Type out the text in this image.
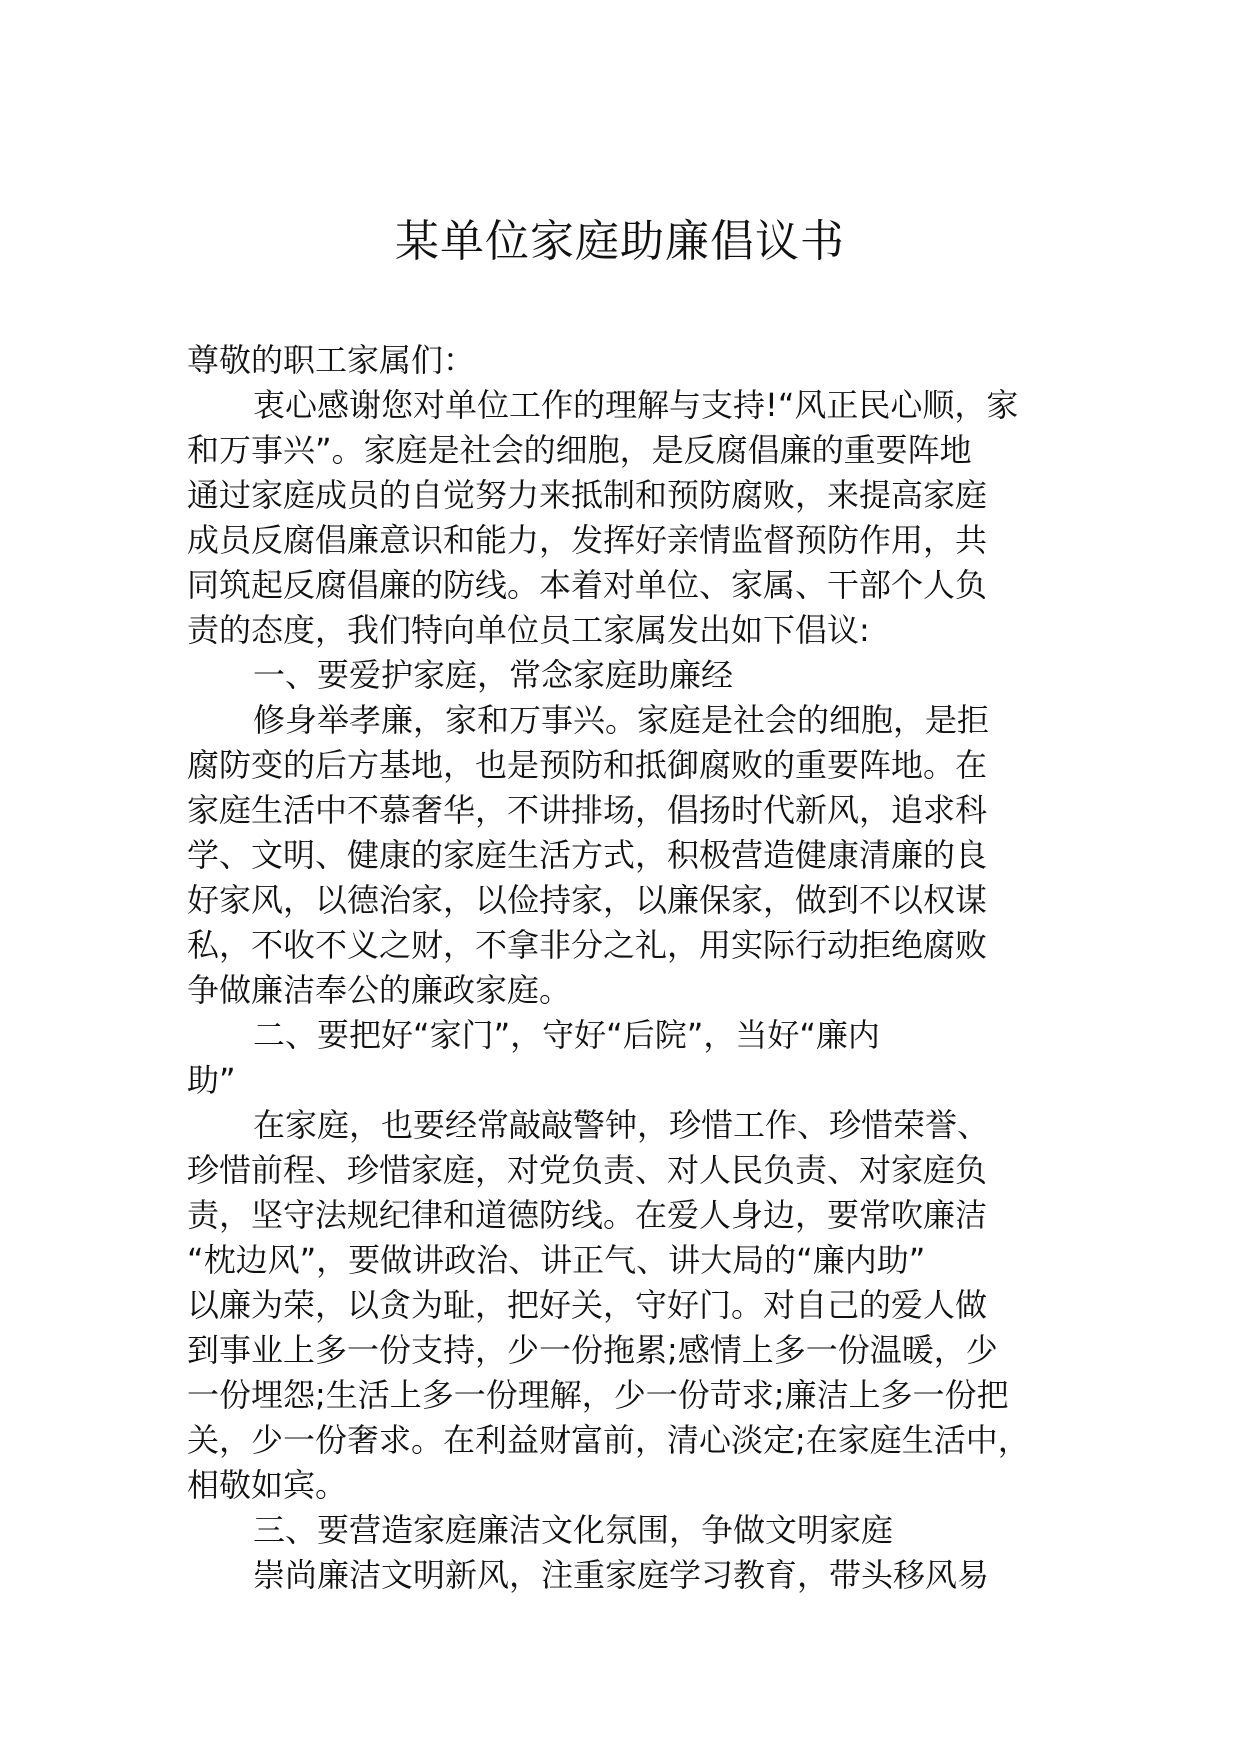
某单位家庭助廉倡议书
尊敬的职工家属们：
衷心感谢您对单位工作的理解与支持!“风正民心顺，家
和万事兴”。家庭是社会的细胞，是反腐倡廉的重要阵地
通过家庭成员的自觉努力来抵制和预防腐败，来提高家庭
成员反腐倡廉意识和能力，发挥好亲情监督预防作用，共
同筑起反腐倡廉的防线。本着对单位、家属、干部个人负
责的态度，我们特向单位员工家属发出如下倡议:
一、要爱护家庭，常念家庭助廉经
修身举孝廉，家和万事兴。家庭是社会的细胞，是拒
腐防变的后方基地，也是预防和抵御腐败的重要阵地。在
家庭生活中不慕奢华，不讲排场，倡扬时代新风，追求科
学、文明、健康的家庭生活方式，积极营造健康清廉的良
好家风，以德治家，以俭持家，以廉保家，做到不以权谋
私，不收不义之财，不拿非分之礼，用实际行动拒绝腐败
争做廉洁奉公的廉政家庭。
二、要把好“家门”，守好“后院”，当好“廉内
助”
在家庭，也要经常敲敲警钟，珍惜工作、珍惜荣誉、
珍惜前程、珍惜家庭，对党负责、对人民负责、对家庭负
责，坚守法规纪律和道德防线。在爱人身边，要常吹廉洁
“枕边风”，要做讲政治、讲正气、讲大局的“廉内助”
以廉为荣，以贪为耻，把好关，守好门。对自己的爱人做
到事业上多一份支持，少一份拖累;感情上多一份温暖，少
一份埋怨;生活上多一份理解，少一份苛求;廉洁上多一份把
关，少一份奢求。在利益财富前，清心淡定;在家庭生活中，
相敬如宾。
三、要营造家庭廉洁文化氛围，争做文明家庭
崇尚廉洁文明新风，注重家庭学习教育，带头移风易
